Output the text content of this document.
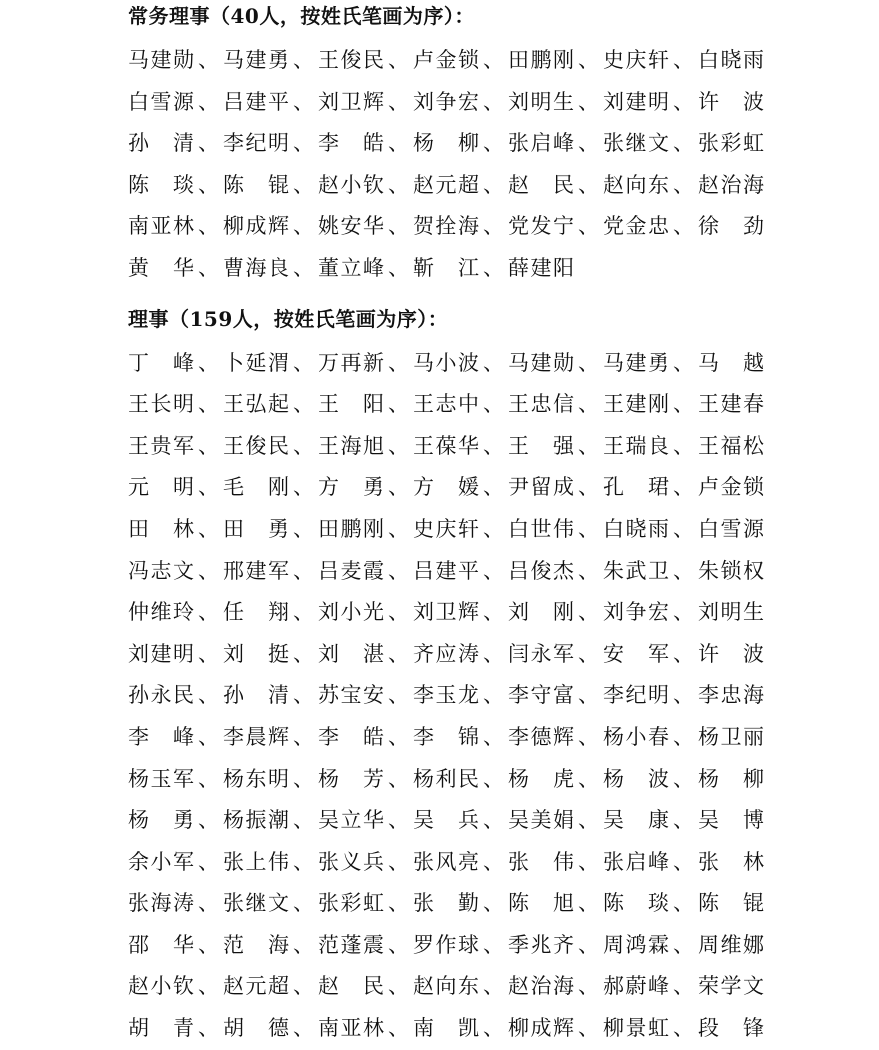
常务理事（40人，按姓氏笔画为序）：
马建勋 、 马建勇 、 王俊民 、 卢金锁 、 田鹏刚 、 史庆轩 、 白晓雨
白雪源 、 吕建平 、 刘卫辉 、 刘争宏 、 刘明生 、 刘建明 、 许　波
孙　清 、 李纪明 、 李　皓 、 杨　柳 、 张启峰 、 张继文 、 张彩虹
陈　琰 、 陈　锟 、 赵小钦 、 赵元超 、 赵　民 、 赵向东 、 赵治海
南亚林 、 柳成辉 、 姚安华 、 贺拴海 、 党发宁 、 党金忠 、 徐　劲
黄　华 、 曹海良 、 董立峰 、 靳　江 、 薛建阳
理事（159人，按姓氏笔画为序）：
丁　峰 、 卜延渭 、 万再新 、 马小波 、 马建勋 、 马建勇 、 马　越
王长明 、 王弘起 、 王　阳 、 王志中 、 王忠信 、 王建刚 、 王建春
王贵军 、 王俊民 、 王海旭 、 王葆华 、 王　强 、 王瑞良 、 王福松
元　明 、 毛　刚 、 方　勇 、 方　媛 、 尹留成 、 孔　珺 、 卢金锁
田　林 、 田　勇 、 田鹏刚 、 史庆轩 、 白世伟 、 白晓雨 、 白雪源
冯志文 、 邢建军 、 吕麦霞 、 吕建平 、 吕俊杰 、 朱武卫 、 朱锁权
仲维玲 、 任　翔 、 刘小光 、 刘卫辉 、 刘　刚 、 刘争宏 、 刘明生
刘建明 、 刘　挺 、 刘　湛 、 齐应涛 、 闫永军 、 安　军 、 许　波
孙永民 、 孙　清 、 苏宝安 、 李玉龙 、 李守富 、 李纪明 、 李忠海
李　峰 、 李晨辉 、 李　皓 、 李　锦 、 李德辉 、 杨小春 、 杨卫丽
杨玉军 、 杨东明 、 杨　芳 、 杨利民 、 杨　虎 、 杨　波 、 杨　柳
杨　勇 、 杨振潮 、 吴立华 、 吴　兵 、 吴美娟 、 吴　康 、 吴　博
余小军 、 张上伟 、 张义兵 、 张风亮 、 张　伟 、 张启峰 、 张　林
张海涛 、 张继文 、 张彩虹 、 张　勤 、 陈　旭 、 陈　琰 、 陈　锟
邵　华 、 范　海 、 范蓬震 、 罗作球 、 季兆齐 、 周鸿霖 、 周维娜
赵小钦 、 赵元超 、 赵　民 、 赵向东 、 赵治海 、 郝蔚峰 、 荣学文
胡　青 、 胡　德 、 南亚林 、 南　凯 、 柳成辉 、 柳景虹 、 段　锋
